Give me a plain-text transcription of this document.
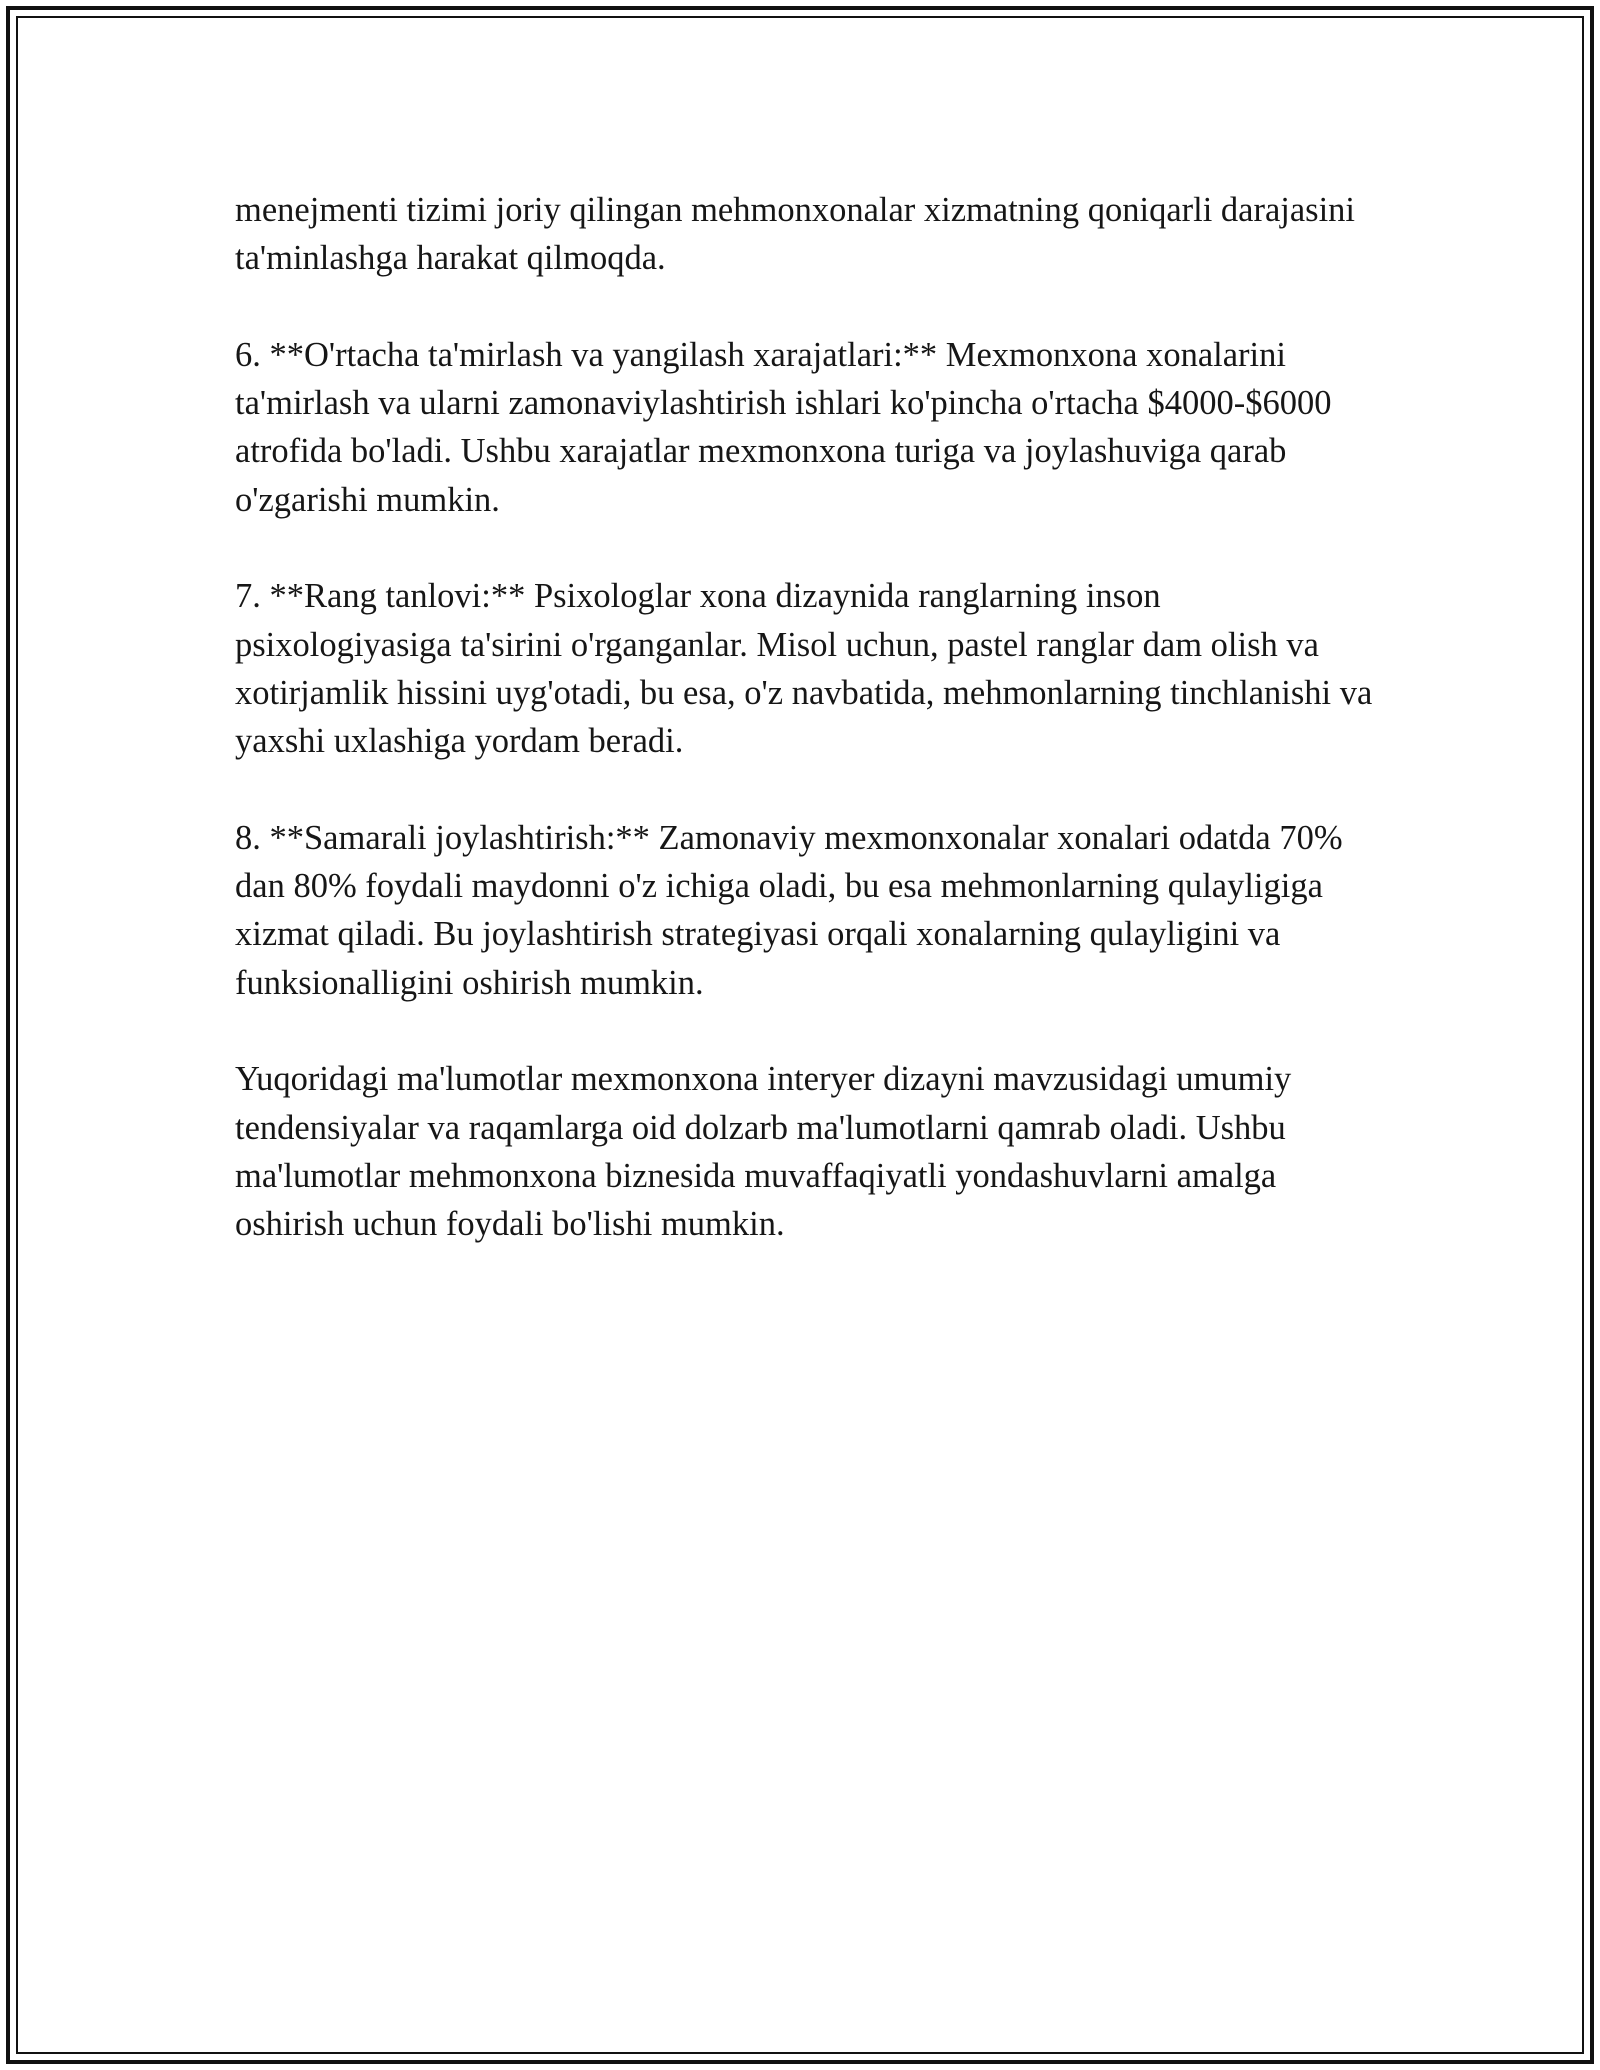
menejmenti tizimi joriy qilingan mehmonxonalar xizmatning qoniqarli darajasini ta'minlashga harakat qilmoqda.

6. **O'rtacha ta'mirlash va yangilash xarajatlari:** Mexmonxona xonalarini ta'mirlash va ularni zamonaviylashtirish ishlari ko'pincha o'rtacha $4000-$6000 atrofida bo'ladi. Ushbu xarajatlar mexmonxona turiga va joylashuviga qarab o'zgarishi mumkin.

7. **Rang tanlovi:** Psixologlar xona dizaynida ranglarning inson psixologiyasiga ta'sirini o'rganganlar. Misol uchun, pastel ranglar dam olish va xotirjamlik hissini uyg'otadi, bu esa, o'z navbatida, mehmonlarning tinchlanishi va yaxshi uxlashiga yordam beradi.

8. **Samarali joylashtirish:** Zamonaviy mexmonxonalar xonalari odatda 70% dan 80% foydali maydonni o'z ichiga oladi, bu esa mehmonlarning qulayligiga xizmat qiladi. Bu joylashtirish strategiyasi orqali xonalarning qulayligini va funksionalligini oshirish mumkin.

Yuqoridagi ma'lumotlar mexmonxona interyer dizayni mavzusidagi umumiy tendensiyalar va raqamlarga oid dolzarb ma'lumotlarni qamrab oladi. Ushbu ma'lumotlar mehmonxona biznesida muvaffaqiyatli yondashuvlarni amalga oshirish uchun foydali bo'lishi mumkin.
